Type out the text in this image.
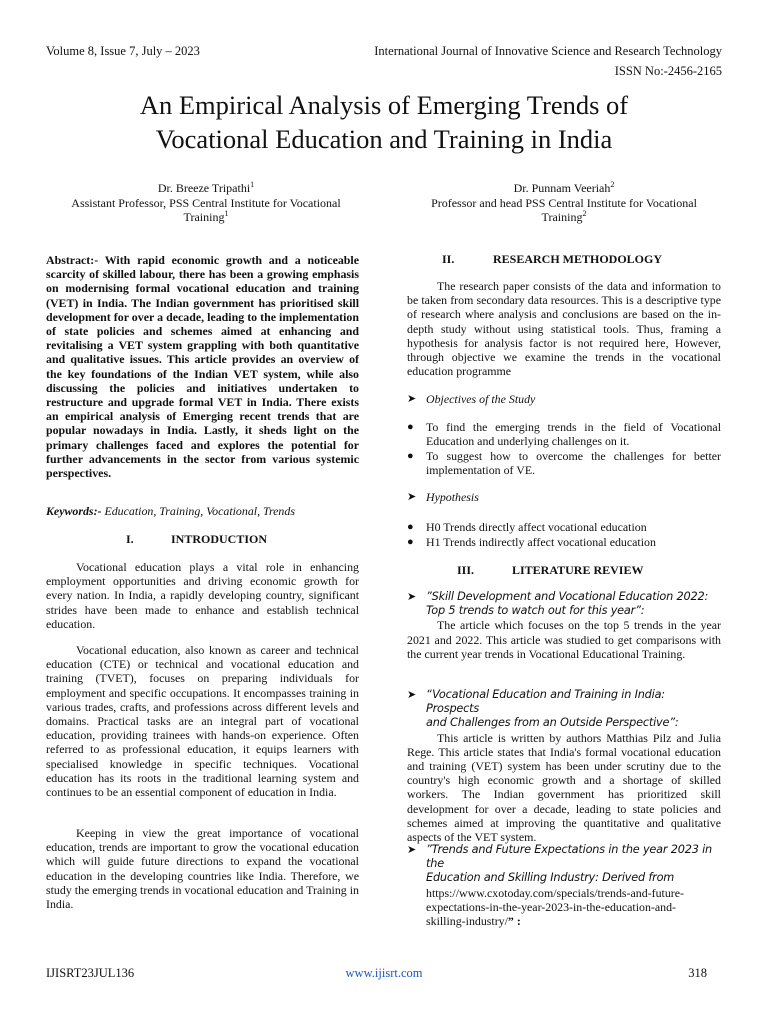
Volume 8, Issue 7, July – 2023	International Journal of Innovative Science and Research Technology
ISSN No:-2456-2165
An Empirical Analysis of Emerging Trends of
Vocational Education and Training in India
Dr. Breeze Tripathi$^1$
Assistant Professor, PSS Central Institute for Vocational
Training$^1$
Dr. Punnam Veeriah$^2$
Professor and head PSS Central Institute for Vocational
Training$^2$
Abstract:- With rapid economic growth and a noticeable scarcity of skilled labour, there has been a growing emphasis on modernising formal vocational education and training (VET) in India. The Indian government has prioritised skill development for over a decade, leading to the implementation of state policies and schemes aimed at enhancing and revitalising a VET system grappling with both quantitative and qualitative issues. This article provides an overview of the key foundations of the Indian VET system, while also discussing the policies and initiatives undertaken to restructure and upgrade formal VET in India. There exists an empirical analysis of Emerging recent trends that are popular nowadays in India. Lastly, it sheds light on the primary challenges faced and explores the potential for further advancements in the sector from various systemic perspectives.
Keywords:- Education, Training, Vocational, Trends
I.	INTRODUCTION
Vocational education plays a vital role in enhancing employment opportunities and driving economic growth for every nation. In India, a rapidly developing country, significant strides have been made to enhance and establish technical education.
Vocational education, also known as career and technical education (CTE) or technical and vocational education and training (TVET), focuses on preparing individuals for employment and specific occupations. It encompasses training in various trades, crafts, and professions across different levels and domains. Practical tasks are an integral part of vocational education, providing trainees with hands-on experience. Often referred to as professional education, it equips learners with specialised knowledge in specific techniques. Vocational education has its roots in the traditional learning system and continues to be an essential component of education in India.
Keeping in view the great importance of vocational education, trends are important to grow the vocational education which will guide future directions to expand the vocational education in the developing countries like India. Therefore, we study the emerging trends in vocational education and Training in India.
II.	RESEARCH METHODOLOGY
The research paper consists of the data and information to be taken from secondary data resources. This is a descriptive type of research where analysis and conclusions are based on the in-depth study without using statistical tools. Thus, framing a hypothesis for analysis factor is not required here, However, through objective we examine the trends in the vocational education programme
➤ Objectives of the Study
● To find the emerging trends in the field of Vocational Education and underlying challenges on it.
● To suggest how to overcome the challenges for better implementation of VE.
➤ Hypothesis
● H0 Trends directly affect vocational education
● H1 Trends indirectly affect vocational education
III.	LITERATURE REVIEW
➤ ”Skill Development and Vocational Education 2022:
Top 5 trends to watch out for this year”:
The article which focuses on the top 5 trends in the year 2021 and 2022. This article was studied to get comparisons with the current year trends in Vocational Educational Training.
➤ “Vocational Education and Training in India: Prospects
and Challenges from an Outside Perspective”:
This article is written by authors Matthias Pilz and Julia Rege. This article states that India's formal vocational education and training (VET) system has been under scrutiny due to the country's high economic growth and a shortage of skilled workers. The Indian government has prioritized skill development for over a decade, leading to state policies and schemes aimed at improving the quantitative and qualitative aspects of the VET system.
➤ ”Trends and Future Expectations in the year 2023 in the
Education and Skilling Industry: Derived from
https://www.cxotoday.com/specials/trends-and-future-
expectations-in-the-year-2023-in-the-education-and-
skilling-industry/” :
IJISRT23JUL136	www.ijisrt.com	318
